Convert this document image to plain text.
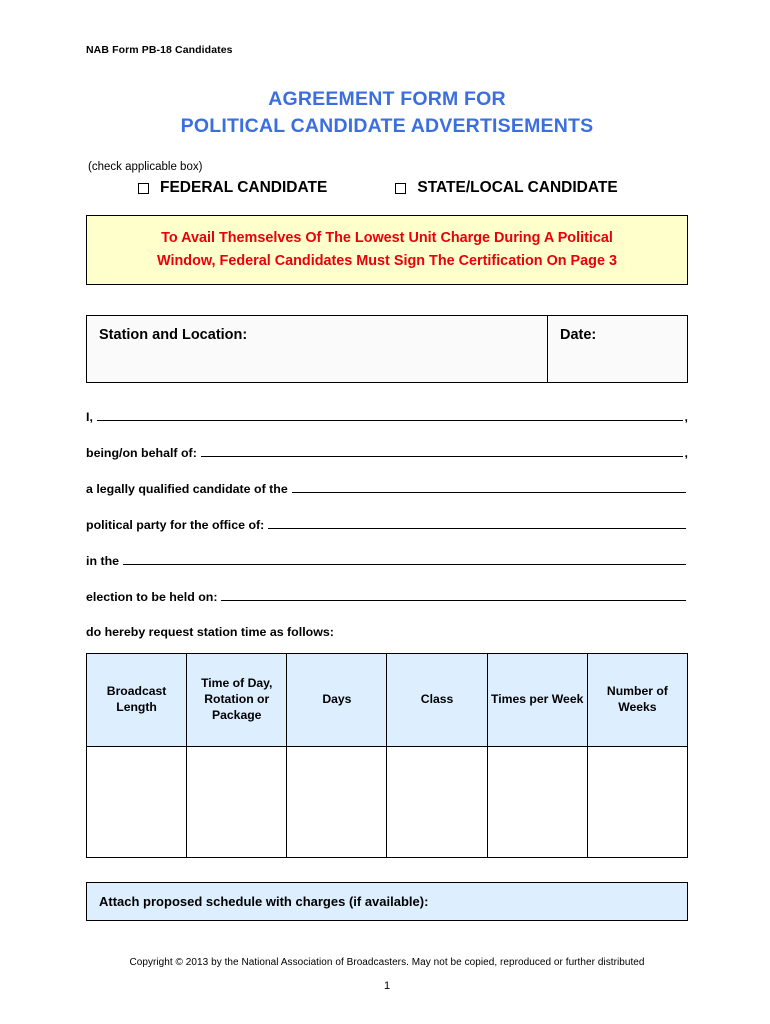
NAB Form PB-18 Candidates
AGREEMENT FORM FOR
POLITICAL CANDIDATE ADVERTISEMENTS
(check applicable box)
FEDERAL CANDIDATE	STATE/LOCAL CANDIDATE
To Avail Themselves Of The Lowest Unit Charge During A Political
Window, Federal Candidates Must Sign The Certification On Page 3
Station and Location:	Date:
I,	,
being/on behalf of:	,
a legally qualified candidate of the
political party for the office of:
in the
election to be held on:
do hereby request station time as follows:
Broadcast Length	Time of Day, Rotation or Package	Days	Class	Times per Week	Number of Weeks

Attach proposed schedule with charges (if available):
Copyright © 2013 by the National Association of Broadcasters. May not be copied, reproduced or further distributed
1
